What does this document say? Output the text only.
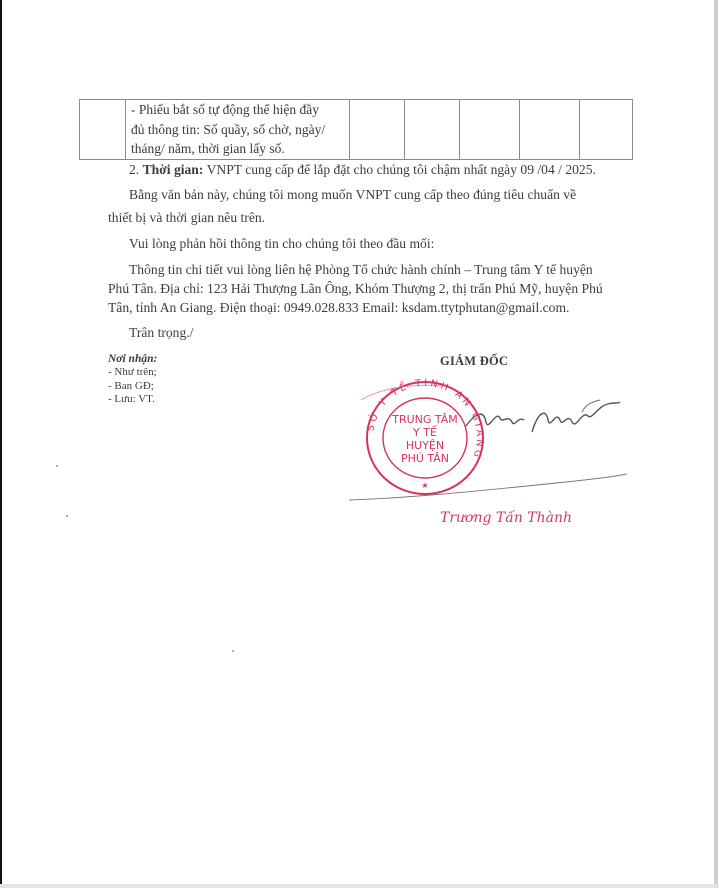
- Phiếu bắt số tự động thể hiện đầy
đủ thông tin: Số quầy, số chờ, ngày/
tháng/ năm, thời gian lấy số.

2. Thời gian: VNPT cung cấp để lắp đặt cho chúng tôi chậm nhất ngày 09 /04 / 2025.
Bằng văn bản này, chúng tôi mong muốn VNPT cung cấp theo đúng tiêu chuẩn về
thiết bị và thời gian nêu trên.
Vui lòng phản hồi thông tin cho chúng tôi theo đầu mối:
Thông tin chi tiết vui lòng liên hệ Phòng Tổ chức hành chính – Trung tâm Y tế huyện
Phú Tân. Địa chỉ: 123 Hải Thượng Lãn Ông, Khóm Thượng 2, thị trấn Phú Mỹ, huyện Phú
Tân, tỉnh An Giang. Điện thoại: 0949.028.833 Email: ksdam.ttytphutan@gmail.com.
Trân trọng./
Nơi nhận:
- Như trên;
- Ban GĐ;
- Lưu: VT.
GIÁM ĐỐC
SỞ Y TẾ TỈNH AN GIANG
TRUNG TÂM
Y TẾ
HUYỆN
PHÚ TÂN
★
Trương Tấn Thành
